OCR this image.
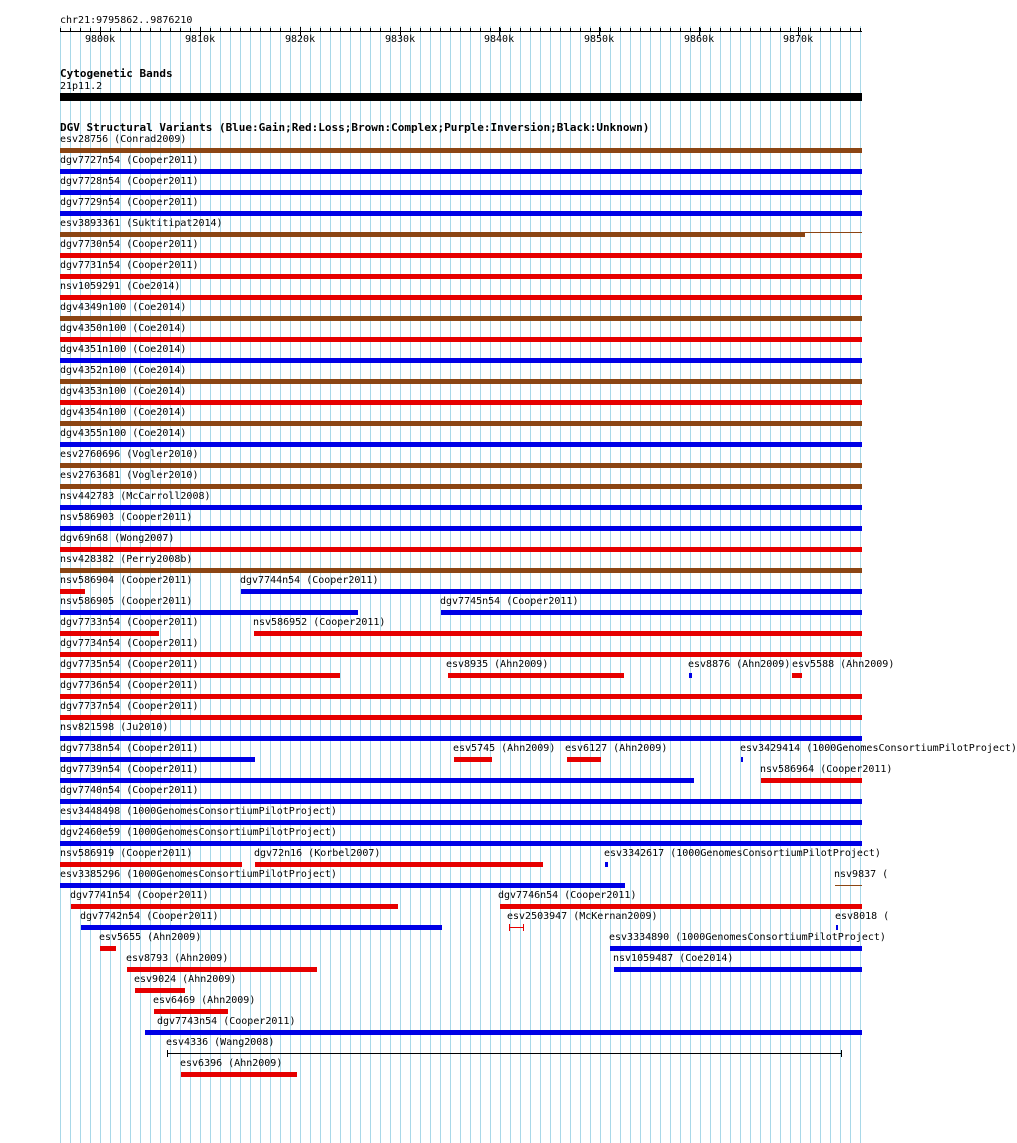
chr21:9795862..9876210
9800k	9810k	9820k	9830k	9840k	9850k	9860k	9870k
Cytogenetic Bands
21p11.2
DGV Structural Variants (Blue:Gain;Red:Loss;Brown:Complex;Purple:Inversion;Black:Unknown)
esv28756 (Conrad2009)
dgv7727n54 (Cooper2011)
dgv7728n54 (Cooper2011)
dgv7729n54 (Cooper2011)
esv3893361 (Suktitipat2014)
dgv7730n54 (Cooper2011)
dgv7731n54 (Cooper2011)
nsv1059291 (Coe2014)
dgv4349n100 (Coe2014)
dgv4350n100 (Coe2014)
dgv4351n100 (Coe2014)
dgv4352n100 (Coe2014)
dgv4353n100 (Coe2014)
dgv4354n100 (Coe2014)
dgv4355n100 (Coe2014)
esv2760696 (Vogler2010)
esv2763681 (Vogler2010)
nsv442783 (McCarroll2008)
nsv586903 (Cooper2011)
dgv69n68 (Wong2007)
nsv428382 (Perry2008b)
nsv586904 (Cooper2011)	dgv7744n54 (Cooper2011)
nsv586905 (Cooper2011)	dgv7745n54 (Cooper2011)
dgv7733n54 (Cooper2011)	nsv586952 (Cooper2011)
dgv7734n54 (Cooper2011)
dgv7735n54 (Cooper2011)	esv8935 (Ahn2009)	esv8876 (Ahn2009) esv5588 (Ahn2009)
dgv7736n54 (Cooper2011)
dgv7737n54 (Cooper2011)
nsv821598 (Ju2010)
dgv7738n54 (Cooper2011)	esv5745 (Ahn2009) esv6127 (Ahn2009)	esv3429414 (1000GenomesConsortiumPilotProject)
dgv7739n54 (Cooper2011)	nsv586964 (Cooper2011)
dgv7740n54 (Cooper2011)
esv3448498 (1000GenomesConsortiumPilotProject)
dgv2460e59 (1000GenomesConsortiumPilotProject)
nsv586919 (Cooper2011)	dgv72n16 (Korbel2007)	esv3342617 (1000GenomesConsortiumPilotProject)
esv3385296 (1000GenomesConsortiumPilotProject)	nsv9837 (
dgv7741n54 (Cooper2011)	dgv7746n54 (Cooper2011)
dgv7742n54 (Cooper2011)	esv2503947 (McKernan2009)	esv8018 (
esv5655 (Ahn2009)	esv3334890 (1000GenomesConsortiumPilotProject)
esv8793 (Ahn2009)	nsv1059487 (Coe2014)
esv9024 (Ahn2009)
esv6469 (Ahn2009)
dgv7743n54 (Cooper2011)
esv4336 (Wang2008)
esv6396 (Ahn2009)
